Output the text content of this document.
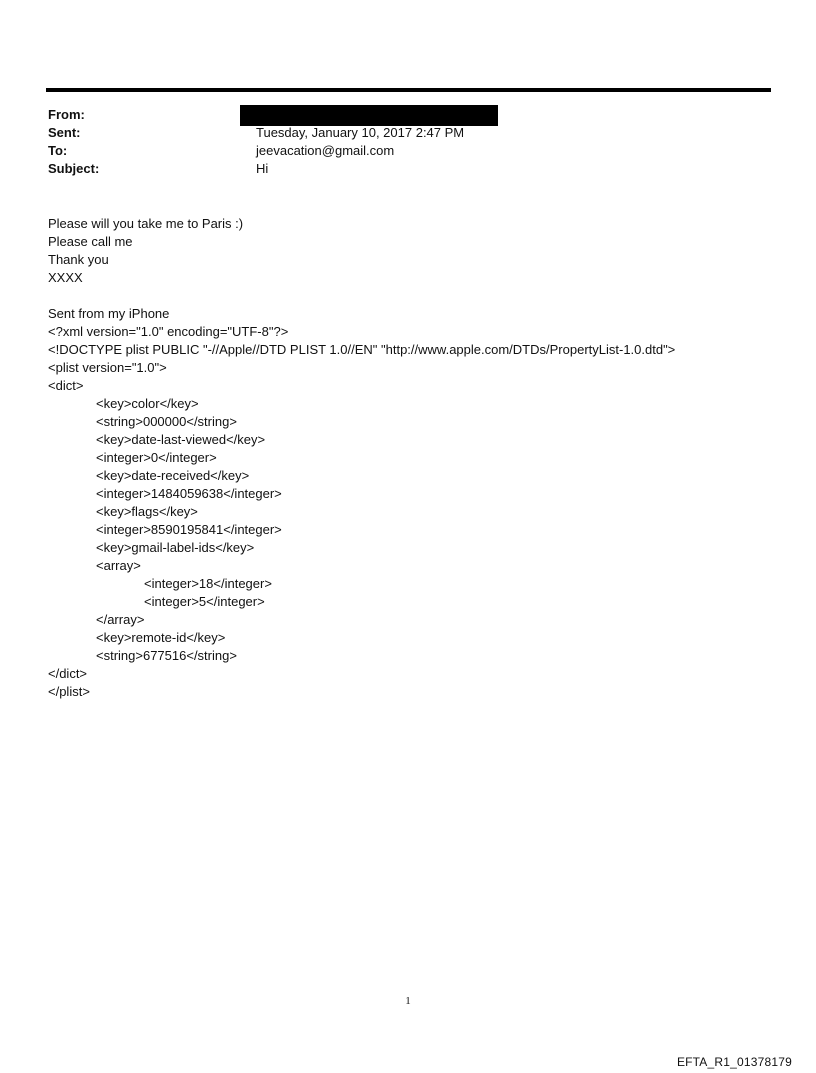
From:
Sent:	Tuesday, January 10, 2017 2:47 PM
To:	jeevacation@gmail.com
Subject:	Hi
Please will you take me to Paris :)
Please call me
Thank you
XXXX
Sent from my iPhone
<?xml version="1.0" encoding="UTF-8"?>
<!DOCTYPE plist PUBLIC "-//Apple//DTD PLIST 1.0//EN" "http://www.apple.com/DTDs/PropertyList-1.0.dtd">
<plist version="1.0">
<dict>
<key>color</key>
<string>000000</string>
<key>date-last-viewed</key>
<integer>0</integer>
<key>date-received</key>
<integer>1484059638</integer>
<key>flags</key>
<integer>8590195841</integer>
<key>gmail-label-ids</key>
<array>
<integer>18</integer>
<integer>5</integer>
</array>
<key>remote-id</key>
<string>677516</string>
</dict>
</plist>
1
EFTA_R1_01378179
